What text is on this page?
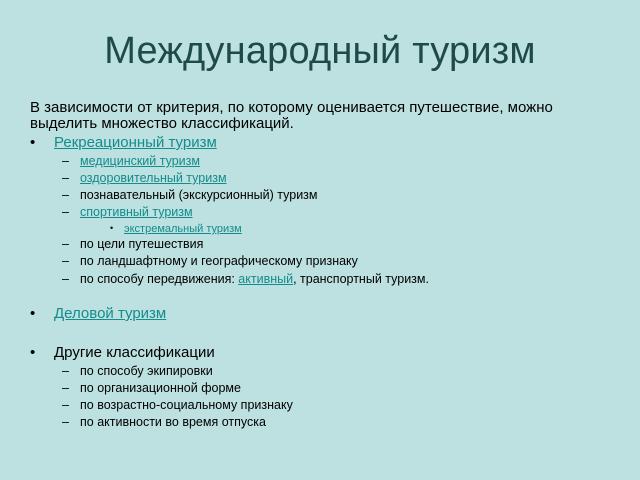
Международный туризм
В зависимости от критерия, по которому оценивается путешествие, можно выделить множество классификаций.
• Рекреационный туризм
– медицинский туризм
– оздоровительный туризм
– познавательный (экскурсионный) туризм
– спортивный туризм
• экстремальный туризм
– по цели путешествия
– по ландшафтному и географическому признаку
– по способу передвижения: активный, транспортный туризм.
• Деловой туризм
• Другие классификации
– по способу экипировки
– по организационной форме
– по возрастно-социальному признаку
– по активности во время отпуска
